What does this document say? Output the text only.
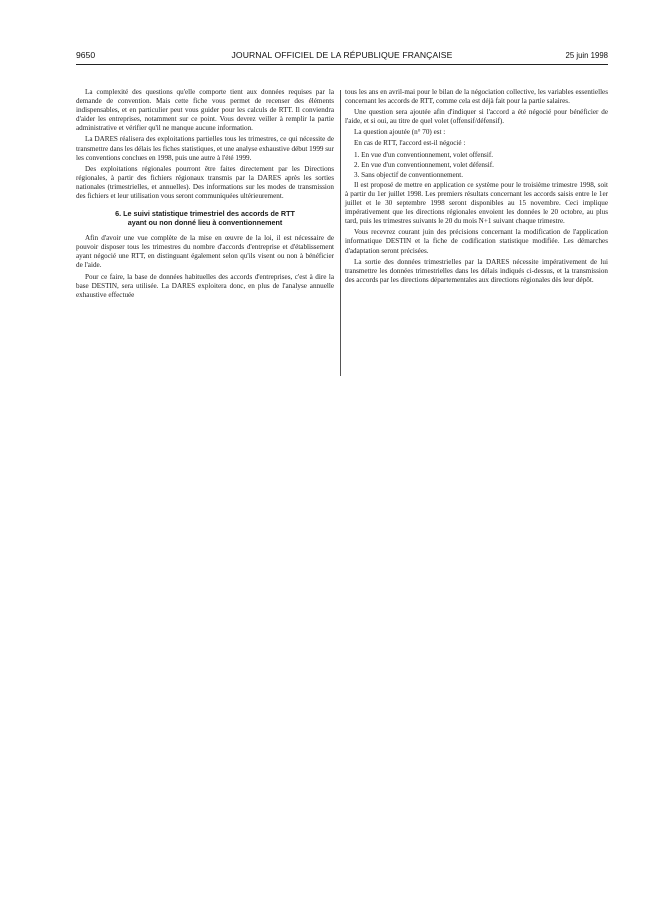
9650	JOURNAL OFFICIEL DE LA RÉPUBLIQUE FRANÇAISE	25 juin 1998

La complexité des questions qu'elle comporte tient aux données requises par la demande de convention. Mais cette fiche vous permet de recenser des éléments indispensables, et en particulier peut vous guider pour les calculs de RTT. Il conviendra d'aider les entreprises, notamment sur ce point. Vous devrez veiller à remplir la partie administrative et vérifier qu'il ne manque aucune information.

La DARES réalisera des exploitations partielles tous les trimestres, ce qui nécessite de transmettre dans les délais les fiches statistiques, et une analyse exhaustive début 1999 sur les conventions conclues en 1998, puis une autre à l'été 1999.

Des exploitations régionales pourront être faites directement par les Directions régionales, à partir des fichiers régionaux transmis par la DARES après les sorties nationales (trimestrielles, et annuelles). Des informations sur les modes de transmission des fichiers et leur utilisation vous seront communiquées ultérieurement.

6. Le suivi statistique trimestriel des accords de RTT
ayant ou non donné lieu à conventionnement

Afin d'avoir une vue complète de la mise en œuvre de la loi, il est nécessaire de pouvoir disposer tous les trimestres du nombre d'accords d'entreprise et d'établissement ayant négocié une RTT, en distinguant également selon qu'ils visent ou non à bénéficier de l'aide.

Pour ce faire, la base de données habituelles des accords d'entreprises, c'est à dire la base DESTIN, sera utilisée. La DARES exploitera donc, en plus de l'analyse annuelle exhaustive effectuée

tous les ans en avril-mai pour le bilan de la négociation collective, les variables essentielles concernant les accords de RTT, comme cela est déjà fait pour la partie salaires.

Une question sera ajoutée afin d'indiquer si l'accord a été négocié pour bénéficier de l'aide, et si oui, au titre de quel volet (offensif/défensif).

La question ajoutée (n° 70) est :

En cas de RTT, l'accord est-il négocié :

1. En vue d'un conventionnement, volet offensif.

2. En vue d'un conventionnement, volet défensif.

3. Sans objectif de conventionnement.

Il est proposé de mettre en application ce système pour le troisième trimestre 1998, soit à partir du 1er juillet 1998. Les premiers résultats concernant les accords saisis entre le 1er juillet et le 30 septembre 1998 seront disponibles au 15 novembre. Ceci implique impérativement que les directions régionales envoient les données le 20 octobre, au plus tard, puis les trimestres suivants le 20 du mois N+1 suivant chaque trimestre.

Vous recevrez courant juin des précisions concernant la modification de l'application informatique DESTIN et la fiche de codification statistique modifiée. Les démarches d'adaptation seront précisées.

La sortie des données trimestrielles par la DARES nécessite impérativement de lui transmettre les données trimestrielles dans les délais indiqués ci-dessus, et la transmission des accords par les directions départementales aux directions régionales dès leur dépôt.
